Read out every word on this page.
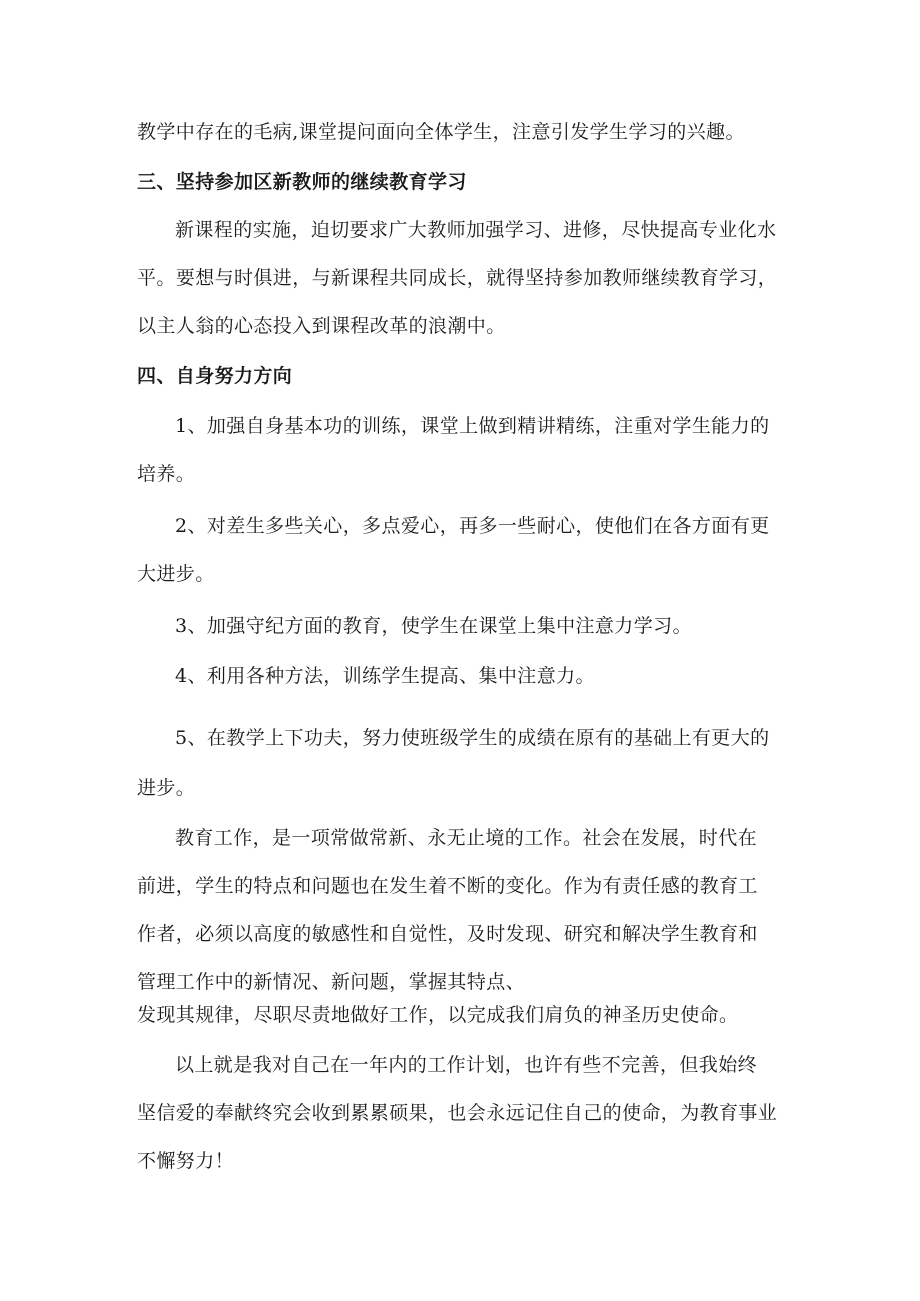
教学中存在的毛病,课堂提问面向全体学生，注意引发学生学习的兴趣。
三、坚持参加区新教师的继续教育学习
新课程的实施，迫切要求广大教师加强学习、进修，尽快提高专业化水
平。要想与时俱进，与新课程共同成长，就得坚持参加教师继续教育学习，
以主人翁的心态投入到课程改革的浪潮中。
四、自身努力方向
1、加强自身基本功的训练，课堂上做到精讲精练，注重对学生能力的
培养。
2、对差生多些关心，多点爱心，再多一些耐心，使他们在各方面有更
大进步。
3、加强守纪方面的教育，使学生在课堂上集中注意力学习。
4、利用各种方法，训练学生提高、集中注意力。
5、在教学上下功夫，努力使班级学生的成绩在原有的基础上有更大的
进步。
教育工作，是一项常做常新、永无止境的工作。社会在发展，时代在
前进，学生的特点和问题也在发生着不断的变化。作为有责任感的教育工
作者，必须以高度的敏感性和自觉性，及时发现、研究和解决学生教育和
管理工作中的新情况、新问题，掌握其特点、
发现其规律，尽职尽责地做好工作，以完成我们肩负的神圣历史使命。
以上就是我对自己在一年内的工作计划，也许有些不完善，但我始终
坚信爱的奉献终究会收到累累硕果，也会永远记住自己的使命，为教育事业
不懈努力！
